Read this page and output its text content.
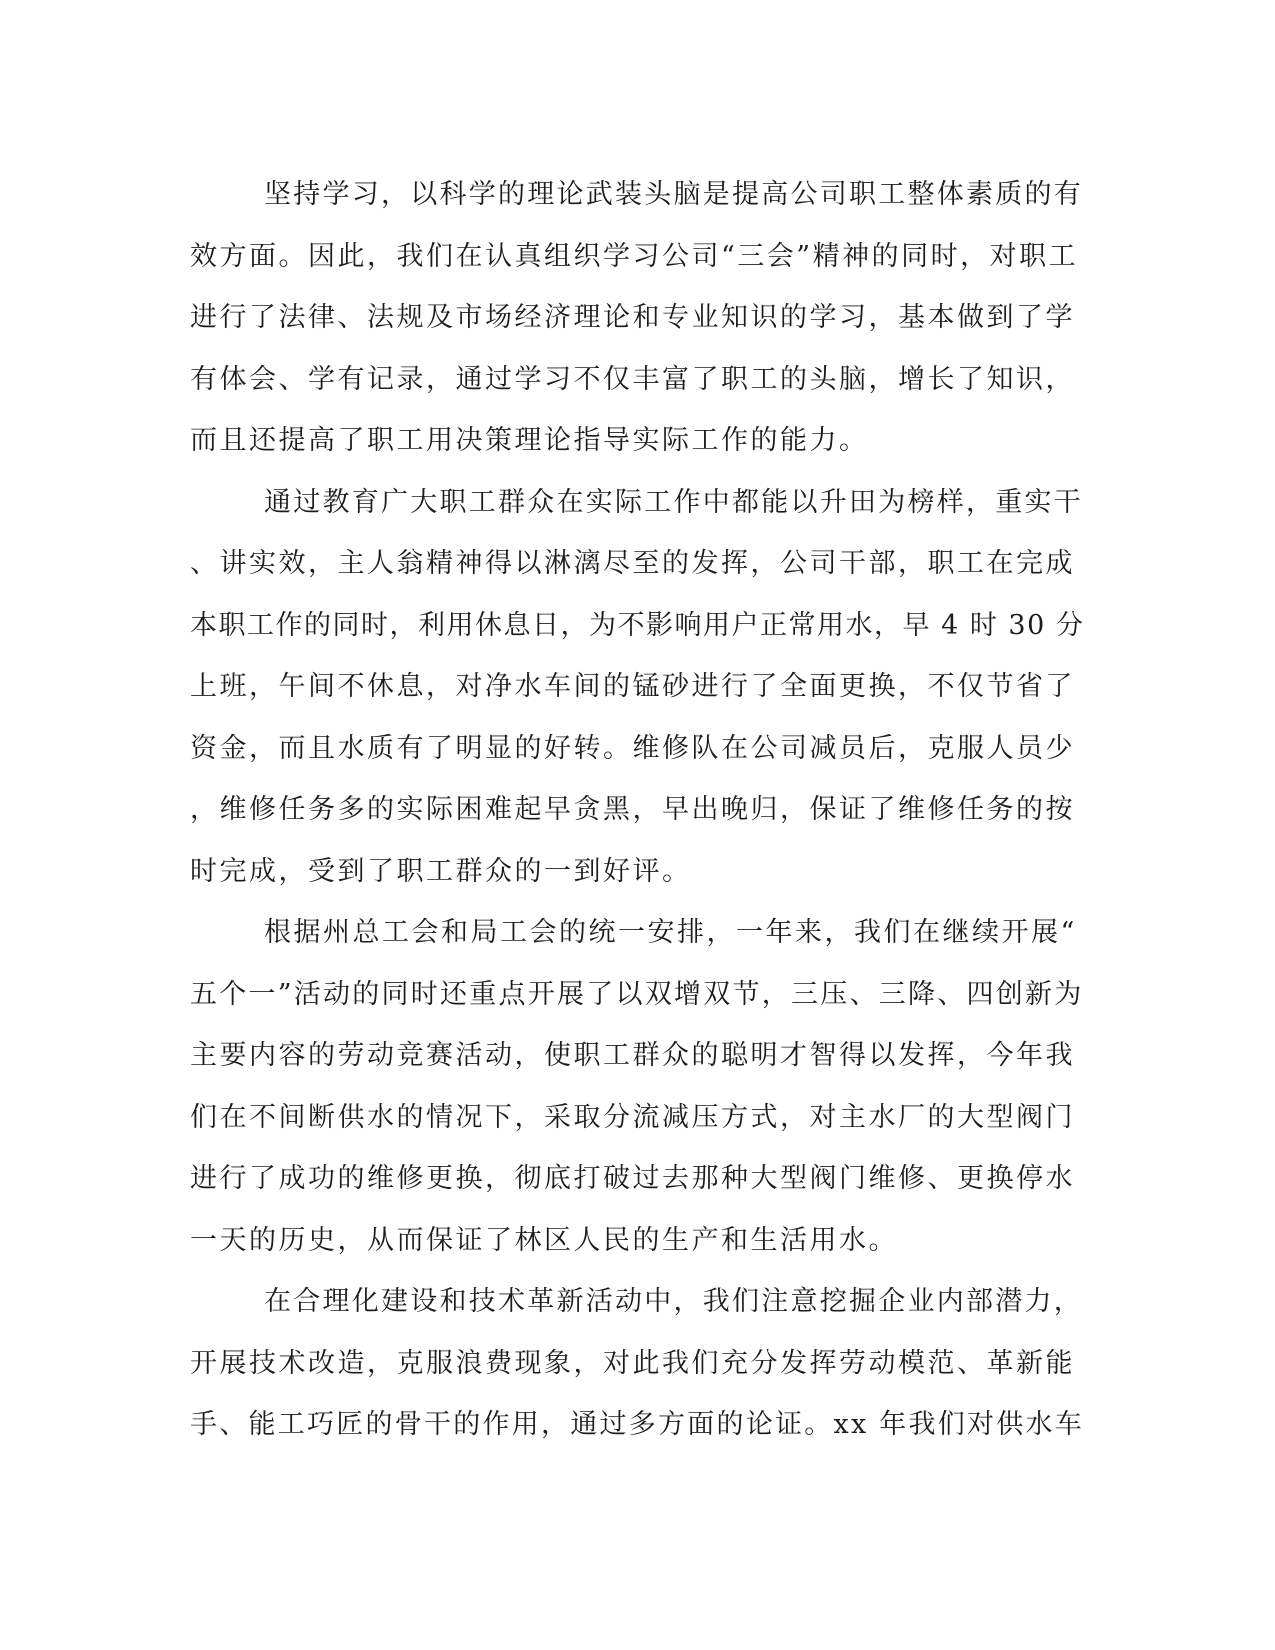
坚持学习，以科学的理论武装头脑是提高公司职工整体素质的有
效方面。因此，我们在认真组织学习公司“三会”精神的同时，对职工
进行了法律、法规及市场经济理论和专业知识的学习，基本做到了学
有体会、学有记录，通过学习不仅丰富了职工的头脑，增长了知识，
而且还提高了职工用决策理论指导实际工作的能力。
通过教育广大职工群众在实际工作中都能以升田为榜样，重实干
、讲实效，主人翁精神得以淋漓尽至的发挥，公司干部，职工在完成
本职工作的同时，利用休息日，为不影响用户正常用水，早 4 时 30 分
上班，午间不休息，对净水车间的锰砂进行了全面更换，不仅节省了
资金，而且水质有了明显的好转。维修队在公司减员后，克服人员少
，维修任务多的实际困难起早贪黑，早出晚归，保证了维修任务的按
时完成，受到了职工群众的一到好评。
根据州总工会和局工会的统一安排，一年来，我们在继续开展“
五个一”活动的同时还重点开展了以双增双节，三压、三降、四创新为
主要内容的劳动竞赛活动，使职工群众的聪明才智得以发挥，今年我
们在不间断供水的情况下，采取分流减压方式，对主水厂的大型阀门
进行了成功的维修更换，彻底打破过去那种大型阀门维修、更换停水
一天的历史，从而保证了林区人民的生产和生活用水。
在合理化建设和技术革新活动中，我们注意挖掘企业内部潜力，
开展技术改造，克服浪费现象，对此我们充分发挥劳动模范、革新能
手、能工巧匠的骨干的作用，通过多方面的论证。xx 年我们对供水车
